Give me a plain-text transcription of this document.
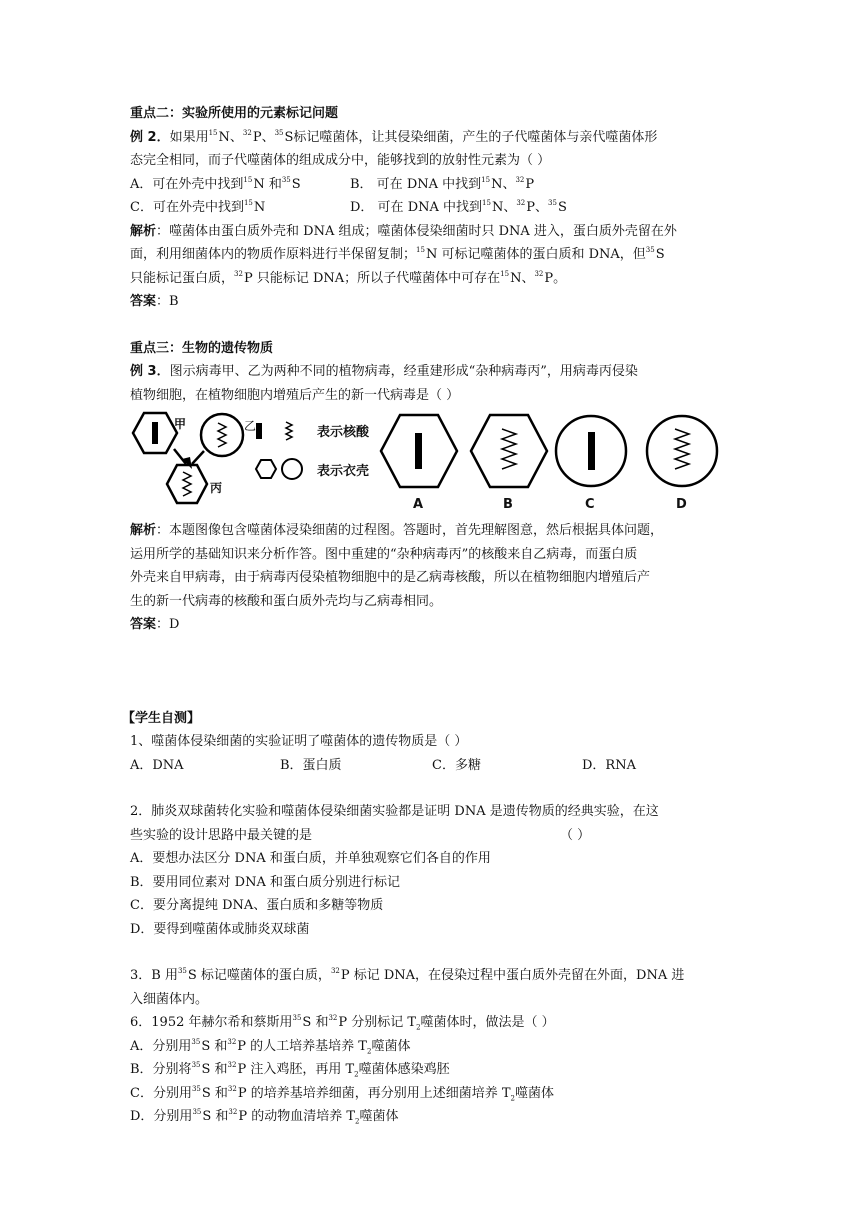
重点二：实验所使用的元素标记问题
例 2．如果用$^{15}$N、$^{32}$P、$^{35}$S标记噬菌体，让其侵染细菌，产生的子代噬菌体与亲代噬菌体形
态完全相同，而子代噬菌体的组成成分中，能够找到的放射性元素为（ ）
A．可在外壳中找到$^{15}$N 和$^{35}$S	B． 可在 DNA 中找到$^{15}$N、$^{32}$P
C．可在外壳中找到$^{15}$N	D． 可在 DNA 中找到$^{15}$N、$^{32}$P、$^{35}$S
解析：噬菌体由蛋白质外壳和 DNA 组成；噬菌体侵染细菌时只 DNA 进入，蛋白质外壳留在外
面，利用细菌体内的物质作原料进行半保留复制；$^{15}$N 可标记噬菌体的蛋白质和 DNA，但$^{35}$S
只能标记蛋白质，$^{32}$P 只能标记 DNA；所以子代噬菌体中可存在$^{15}$N、$^{32}$P。
答案：B
重点三：生物的遗传物质
例 3．图示病毒甲、乙为两种不同的植物病毒，经重建形成“杂种病毒丙”，用病毒丙侵染
植物细胞，在植物细胞内增殖后产生的新一代病毒是（ ）
甲	乙
丙
表示核酸
表示衣壳
A	B	C	D
解析：本题图像包含噬菌体浸染细菌的过程图。答题时，首先理解图意，然后根据具体问题，
运用所学的基础知识来分析作答。图中重建的“杂种病毒丙”的核酸来自乙病毒，而蛋白质
外壳来自甲病毒，由于病毒丙侵染植物细胞中的是乙病毒核酸，所以在植物细胞内增殖后产
生的新一代病毒的核酸和蛋白质外壳均与乙病毒相同。
答案：D
【学生自测】
1、噬菌体侵染细菌的实验证明了噬菌体的遗传物质是（ ）
A．DNA	B．蛋白质	C．多糖	D．RNA
2．肺炎双球菌转化实验和噬菌体侵染细菌实验都是证明 DNA 是遗传物质的经典实验，在这
些实验的设计思路中最关键的是	（ ）
A．要想办法区分 DNA 和蛋白质，并单独观察它们各自的作用
B．要用同位素对 DNA 和蛋白质分别进行标记
C．要分离提纯 DNA、蛋白质和多糖等物质
D．要得到噬菌体或肺炎双球菌
3．B 用$^{35}$S 标记噬菌体的蛋白质，$^{32}$P 标记 DNA，在侵染过程中蛋白质外壳留在外面，DNA 进
入细菌体内。
6．1952 年赫尔希和蔡斯用$^{35}$S 和$^{32}$P 分别标记 $T_2$噬菌体时，做法是（ ）
A．分别用$^{35}$S 和$^{32}$P 的人工培养基培养 $T_2$噬菌体
B．分别将$^{35}$S 和$^{32}$P 注入鸡胚，再用 $T_2$噬菌体感染鸡胚
C．分别用$^{35}$S 和$^{32}$P 的培养基培养细菌，再分别用上述细菌培养 $T_2$噬菌体
D．分别用$^{35}$S 和$^{32}$P 的动物血清培养 $T_2$噬菌体
